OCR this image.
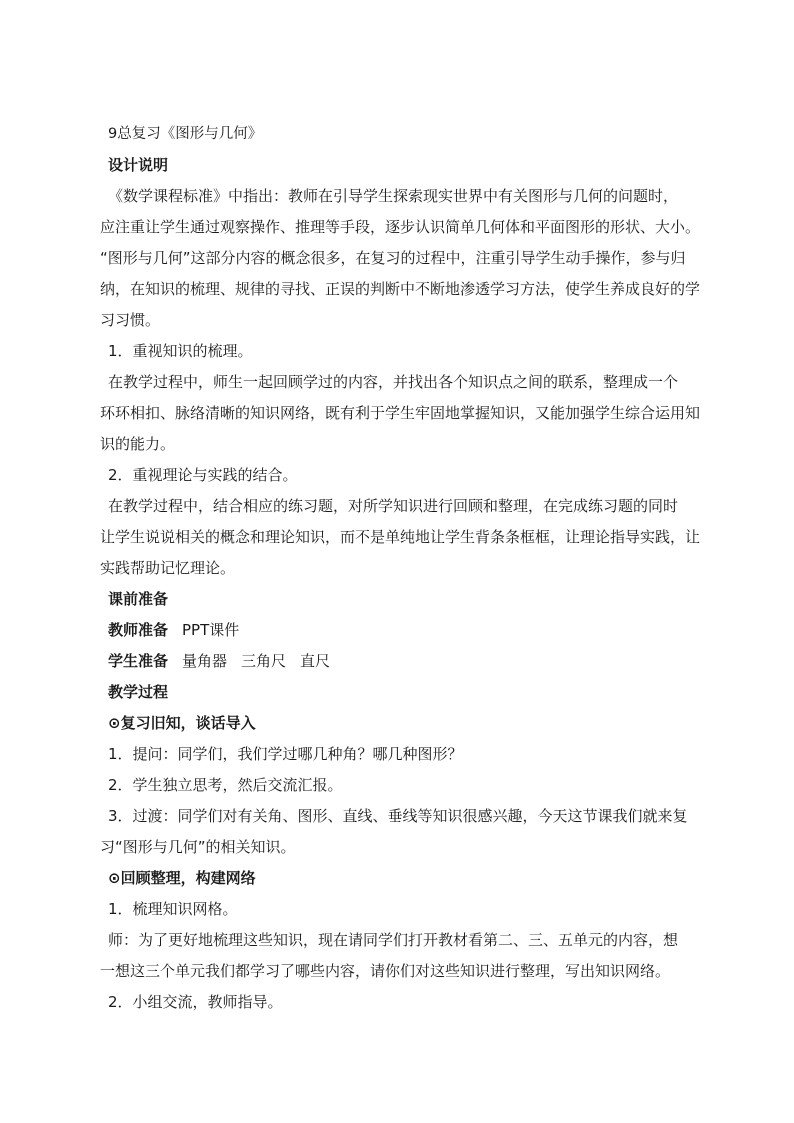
9总复习《图形与几何》
设计说明
《数学课程标准》中指出：教师在引导学生探索现实世界中有关图形与几何的问题时，
应注重让学生通过观察操作、推理等手段，逐步认识简单几何体和平面图形的形状、大小。
“图形与几何”这部分内容的概念很多，在复习的过程中，注重引导学生动手操作，参与归
纳，在知识的梳理、规律的寻找、正误的判断中不断地渗透学习方法，使学生养成良好的学
习习惯。
1．重视知识的梳理。
在教学过程中，师生一起回顾学过的内容，并找出各个知识点之间的联系，整理成一个
环环相扣、脉络清晰的知识网络，既有利于学生牢固地掌握知识，又能加强学生综合运用知
识的能力。
2．重视理论与实践的结合。
在教学过程中，结合相应的练习题，对所学知识进行回顾和整理，在完成练习题的同时
让学生说说相关的概念和理论知识，而不是单纯地让学生背条条框框，让理论指导实践，让
实践帮助记忆理论。
课前准备
教师准备 PPT课件
学生准备 量角器 三角尺 直尺
教学过程
⊙复习旧知，谈话导入
1．提问：同学们，我们学过哪几种角？哪几种图形？
2．学生独立思考，然后交流汇报。
3．过渡：同学们对有关角、图形、直线、垂线等知识很感兴趣，今天这节课我们就来复
习“图形与几何”的相关知识。
⊙回顾整理，构建网络
1．梳理知识网格。
师：为了更好地梳理这些知识，现在请同学们打开教材看第二、三、五单元的内容，想
一想这三个单元我们都学习了哪些内容，请你们对这些知识进行整理，写出知识网络。
2．小组交流，教师指导。
